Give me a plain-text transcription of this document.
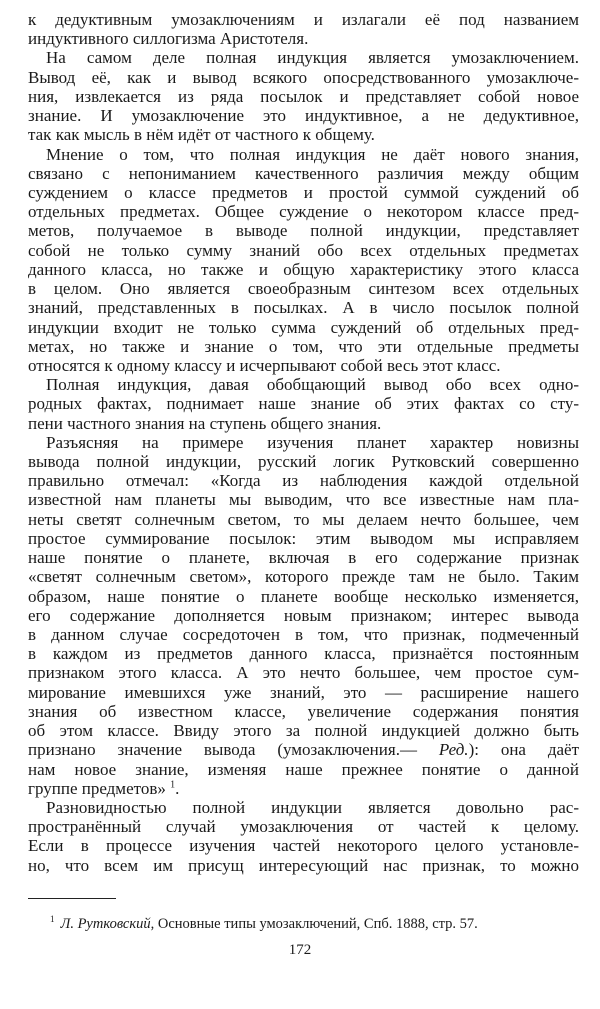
к дедуктивным умозаключениям и излагали её под названием
индуктивного силлогизма Аристотеля.
На самом деле полная индукция является умозаключением.
Вывод её, как и вывод всякого опосредствованного умозаключе-
ния, извлекается из ряда посылок и представляет собой новое
знание. И умозаключение это индуктивное, а не дедуктивное,
так как мысль в нём идёт от частного к общему.
Мнение о том, что полная индукция не даёт нового знания,
связано с непониманием качественного различия между общим
суждением о классе предметов и простой суммой суждений об
отдельных предметах. Общее суждение о некотором классе пред-
метов, получаемое в выводе полной индукции, представляет
собой не только сумму знаний обо всех отдельных предметах
данного класса, но также и общую характеристику этого класса
в целом. Оно является своеобразным синтезом всех отдельных
знаний, представленных в посылках. А в число посылок полной
индукции входит не только сумма суждений об отдельных пред-
метах, но также и знание о том, что эти отдельные предметы
относятся к одному классу и исчерпывают собой весь этот класс.
Полная индукция, давая обобщающий вывод обо всех одно-
родных фактах, поднимает наше знание об этих фактах со сту-
пени частного знания на ступень общего знания.
Разъясняя на примере изучения планет характер новизны
вывода полной индукции, русский логик Рутковский совершенно
правильно отмечал: «Когда из наблюдения каждой отдельной
известной нам планеты мы выводим, что все известные нам пла-
неты светят солнечным светом, то мы делаем нечто большее, чем
простое суммирование посылок: этим выводом мы исправляем
наше понятие о планете, включая в его содержание признак
«светят солнечным светом», которого прежде там не было. Таким
образом, наше понятие о планете вообще несколько изменяется,
его содержание дополняется новым признаком; интерес вывода
в данном случае сосредоточен в том, что признак, подмеченный
в каждом из предметов данного класса, признаётся постоянным
признаком этого класса. А это нечто большее, чем простое сум-
мирование имевшихся уже знаний, это — расширение нашего
знания об известном классе, увеличение содержания понятия
об этом классе. Ввиду этого за полной индукцией должно быть
признано значение вывода (умозаключения.— Ред.): она даёт
нам новое знание, изменяя наше прежнее понятие о данной
группе предметов» $^1$.
Разновидностью полной индукции является довольно рас-
пространённый случай умозаключения от частей к целому.
Если в процессе изучения частей некоторого целого установле-
но, что всем им присущ интересующий нас признак, то можно
$^1$ Л. Рутковский, Основные типы умозаключений, Спб. 1888, стр. 57.
172
